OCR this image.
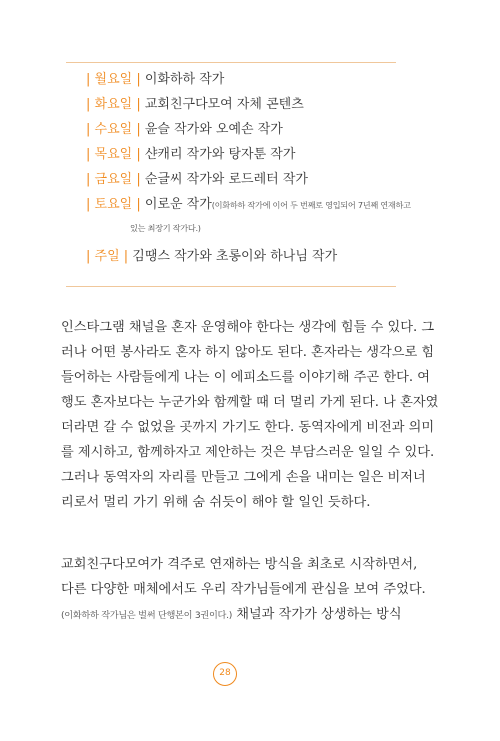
| 월요일 | 이화하하 작가
| 화요일 | 교회친구다모여 자체 콘텐츠
| 수요일 | 윤슬 작가와 오예손 작가
| 목요일 | 샨캐리 작가와 탕자툰 작가
| 금요일 | 순글씨 작가와 로드레터 작가
| 토요일 | 이로운 작가(이화하하 작가에 이어 두 번째로 영입되어 7년째 연재하고
있는 최장기 작가다.)
| 주일 | 김땡스 작가와 초롱이와 하나님 작가
인스타그램 채널을 혼자 운영해야 한다는 생각에 힘들 수 있다. 그
러나 어떤 봉사라도 혼자 하지 않아도 된다. 혼자라는 생각으로 힘
들어하는 사람들에게 나는 이 에피소드를 이야기해 주곤 한다. 여
행도 혼자보다는 누군가와 함께할 때 더 멀리 가게 된다. 나 혼자였
더라면 갈 수 없었을 곳까지 가기도 한다. 동역자에게 비전과 의미
를 제시하고, 함께하자고 제안하는 것은 부담스러운 일일 수 있다.
그러나 동역자의 자리를 만들고 그에게 손을 내미는 일은 비저너
리로서 멀리 가기 위해 숨 쉬듯이 해야 할 일인 듯하다.
교회친구다모여가 격주로 연재하는 방식을 최초로 시작하면서,
다른 다양한 매체에서도 우리 작가님들에게 관심을 보여 주었다.
(이화하하 작가님은 벌써 단행본이 3권이다.) 채널과 작가가 상생하는 방식
28
